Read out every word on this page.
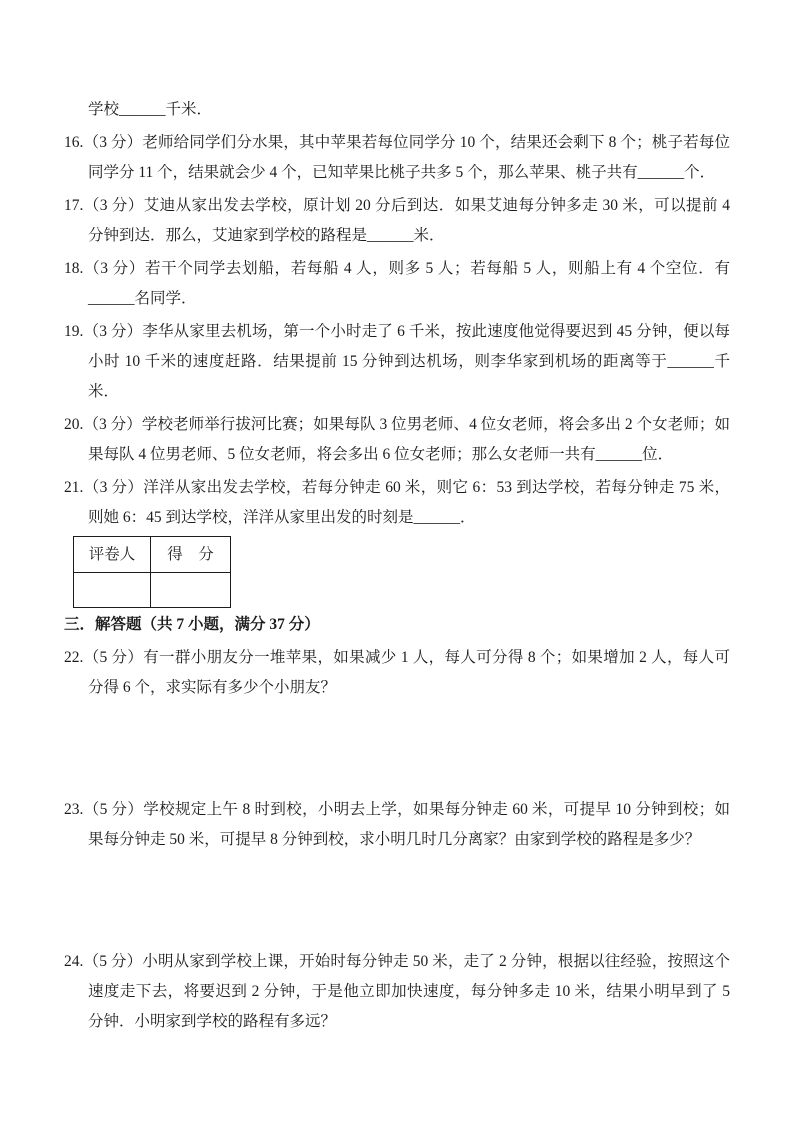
学校______千米．
16.（3 分）老师给同学们分水果，其中苹果若每位同学分 10 个，结果还会剩下 8 个；桃子若每位同学分 11 个，结果就会少 4 个，已知苹果比桃子共多 5 个，那么苹果、桃子共有______个．
17.（3 分）艾迪从家出发去学校，原计划 20 分后到达．如果艾迪每分钟多走 30 米，可以提前 4 分钟到达．那么，艾迪家到学校的路程是______米．
18.（3 分）若干个同学去划船，若每船 4 人，则多 5 人；若每船 5 人，则船上有 4 个空位．有______名同学．
19.（3 分）李华从家里去机场，第一个小时走了 6 千米，按此速度他觉得要迟到 45 分钟，便以每小时 10 千米的速度赶路．结果提前 15 分钟到达机场，则李华家到机场的距离等于______千米．
20.（3 分）学校老师举行拔河比赛；如果每队 3 位男老师、4 位女老师，将会多出 2 个女老师；如果每队 4 位男老师、5 位女老师，将会多出 6 位女老师；那么女老师一共有______位．
21.（3 分）洋洋从家出发去学校，若每分钟走 60 米，则它 6：53 到达学校，若每分钟走 75 米，则她 6：45 到达学校，洋洋从家里出发的时刻是______．
评卷人	得　分

三．解答题（共 7 小题，满分 37 分）
22.（5 分）有一群小朋友分一堆苹果，如果减少 1 人，每人可分得 8 个；如果增加 2 人，每人可分得 6 个，求实际有多少个小朋友？
23.（5 分）学校规定上午 8 时到校，小明去上学，如果每分钟走 60 米，可提早 10 分钟到校；如果每分钟走 50 米，可提早 8 分钟到校，求小明几时几分离家？由家到学校的路程是多少？
24.（5 分）小明从家到学校上课，开始时每分钟走 50 米，走了 2 分钟，根据以往经验，按照这个速度走下去，将要迟到 2 分钟，于是他立即加快速度，每分钟多走 10 米，结果小明早到了 5 分钟．小明家到学校的路程有多远？
